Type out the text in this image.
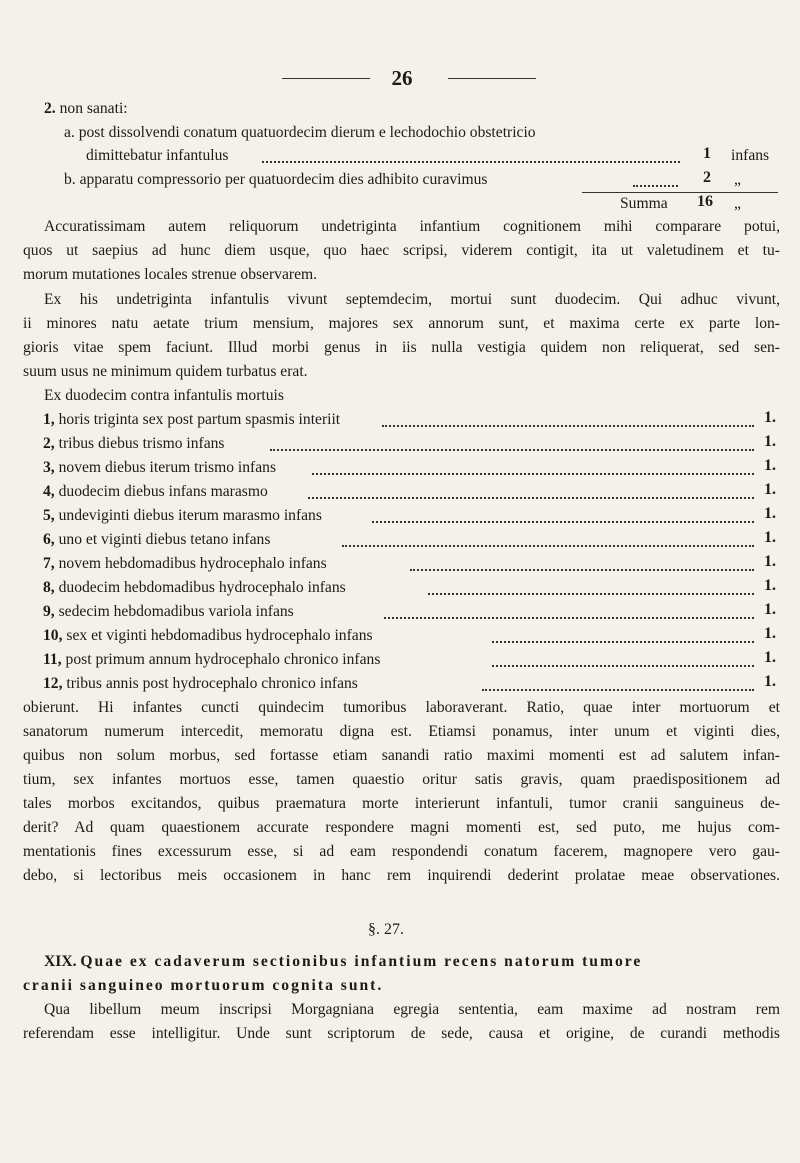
26
2. non sanati:
a. post dissolvendi conatum quatuordecim dierum e lechodochio obstetricio
dimittebatur infantulus	1 infans
b. apparatu compressorio per quatuordecim dies adhibito curavimus	2 „
Summa 16 „
Accuratissimam autem reliquorum undetriginta infantium cognitionem mihi comparare potui,
quos ut saepius ad hunc diem usque, quo haec scripsi, viderem contigit, ita ut valetudinem et tu-
morum mutationes locales strenue observarem.
Ex his undetriginta infantulis vivunt septemdecim, mortui sunt duodecim. Qui adhuc vivunt,
ii minores natu aetate trium mensium, majores sex annorum sunt, et maxima certe ex parte lon-
gioris vitae spem faciunt. Illud morbi genus in iis nulla vestigia quidem non reliquerat, sed sen-
suum usus ne minimum quidem turbatus erat.
Ex duodecim contra infantulis mortuis
1, horis triginta sex post partum spasmis interiit	1.
2, tribus diebus trismo infans	1.
3, novem diebus iterum trismo infans	1.
4, duodecim diebus infans marasmo	1.
5, undeviginti diebus iterum marasmo infans	1.
6, uno et viginti diebus tetano infans	1.
7, novem hebdomadibus hydrocephalo infans	1.
8, duodecim hebdomadibus hydrocephalo infans	1.
9, sedecim hebdomadibus variola infans	1.
10, sex et viginti hebdomadibus hydrocephalo infans	1.
11, post primum annum hydrocephalo chronico infans	1.
12, tribus annis post hydrocephalo chronico infans	1.
obierunt. Hi infantes cuncti quindecim tumoribus laboraverant. Ratio, quae inter mortuorum et
sanatorum numerum intercedit, memoratu digna est. Etiamsi ponamus, inter unum et viginti dies,
quibus non solum morbus, sed fortasse etiam sanandi ratio maximi momenti est ad salutem infan-
tium, sex infantes mortuos esse, tamen quaestio oritur satis gravis, quam praedispositionem ad
tales morbos excitandos, quibus praematura morte interierunt infantuli, tumor cranii sanguineus de-
derit? Ad quam quaestionem accurate respondere magni momenti est, sed puto, me hujus com-
mentationis fines excessurum esse, si ad eam respondendi conatum facerem, magnopere vero gau-
debo, si lectoribus meis occasionem in hanc rem inquirendi dederint prolatae meae observationes.
§. 27.
XIX. Quae ex cadaverum sectionibus infantium recens natorum tumore
cranii sanguineo mortuorum cognita sunt.
Qua libellum meum inscripsi Morgagniana egregia sententia, eam maxime ad nostram rem
referendam esse intelligitur. Unde sunt scriptorum de sede, causa et origine, de curandi methodis
